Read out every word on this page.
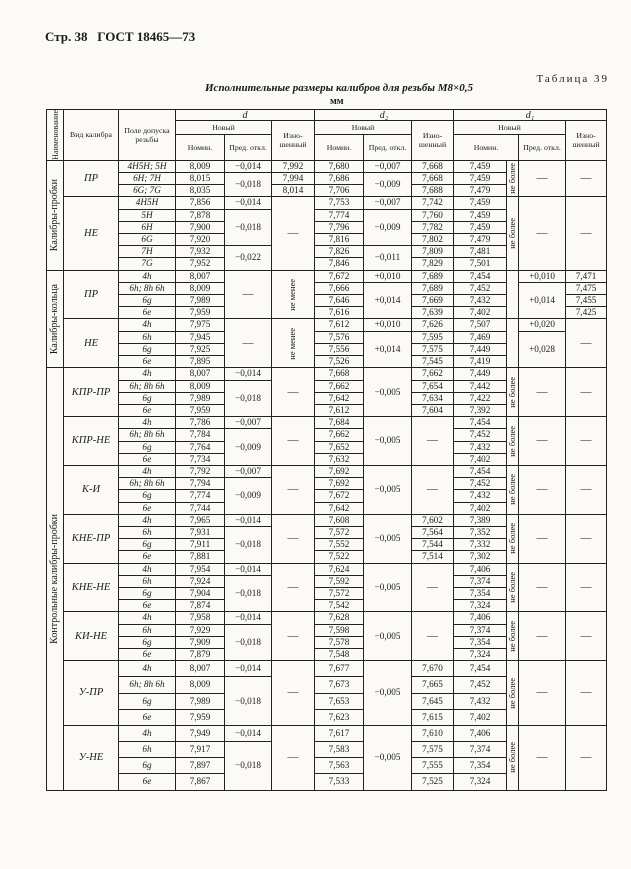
Стр. 38 ГОСТ 18465—73
Таблица 39
Исполнительные размеры калибров для резьбы М8×0,5
мм
Наименование	Вид калибра	Поле допуска резьбы	d			d₂			d₁			
			Новый		Изно-шенный	Новый		Изно-шенный	Новый			Изно-шенный
			Номин.	Пред. откл.		Номин.	Пред. откл.		Номин.		Пред. откл.	

Калибры-пробки	ПР	4H5H; 5H	8,009	−0,014	7,992	7,680	−0,007	7,668	7,459	не более	—	—
		6H; 7H	8,015	−0,018	7,994	7,686	−0,009	7,668	7,459			
		6G; 7G	8,035		8,014	7,706		7,688	7,479			
	НЕ	4H5H	7,856	−0,014	—	7,753	−0,007	7,742	7,459	не более	—	—
		5H	7,878	−0,018		7,774	−0,009	7,760	7,459			
		6H	7,900			7,796		7,782	7,459			
		6G	7,920			7,816		7,802	7,479			
		7H	7,932	−0,022		7,826	−0,011	7,809	7,481			
		7G	7,952			7,846		7,829	7,501			

Калибры-кольца	ПР	4h	8,007	—	не менее	7,672	+0,010	7,689	7,454		+0,010	7,471
		6h; 8h 6h	8,009			7,666	+0,014	7,689	7,452		+0,014	7,475
		6g	7,989			7,646		7,669	7,432			7,455
		6e	7,959			7,616		7,639	7,402			7,425
	НЕ	4h	7,975	—	не менее	7,612	+0,010	7,626	7,507		+0,020	—
		6h	7,945			7,576	+0,014	7,595	7,469		+0,028	
		6g	7,925			7,556		7,575	7,449			
		6e	7,895			7,526		7,545	7,419			

Контрольные калибры-пробки	КПР-ПР	4h	8,007	−0,014	—	7,668	−0,005	7,662	7,449	не более	—	—
		6h; 8h 6h	8,009	−0,018		7,662		7,654	7,442			
		6g	7,989			7,642		7,634	7,422			
		6e	7,959			7,612		7,604	7,392			
	КПР-НЕ	4h	7,786	−0,007	—	7,684	−0,005	—	7,454	не более	—	—
		6h; 8h 6h	7,784	−0,009		7,662			7,452			
		6g	7,764			7,652			7,432			
		6e	7,734			7,632			7,402			
	К-И	4h	7,792	−0,007	—	7,692	−0,005	—	7,454	не более	—	—
		6h; 8h 6h	7,794	−0,009		7,692			7,452			
		6g	7,774			7,672			7,432			
		6e	7,744			7,642			7,402			
	КНЕ-ПР	4h	7,965	−0,014	—	7,608	−0,005	7,602	7,389	не более	—	—
		6h	7,931	−0,018		7,572		7,564	7,352			
		6g	7,911			7,552		7,544	7,332			
		6e	7,881			7,522		7,514	7,302			
	КНЕ-НЕ	4h	7,954	−0,014	—	7,624	−0,005	—	7,406	не более	—	—
		6h	7,924	−0,018		7,592			7,374			
		6g	7,904			7,572			7,354			
		6e	7,874			7,542			7,324			
	КИ-НЕ	4h	7,958	−0,014	—	7,628	−0,005	—	7,406	не более	—	—
		6h	7,929	−0,018		7,598			7,374			
		6g	7,909			7,578			7,354			
		6e	7,879			7,548			7,324			
	У-ПР	4h	8,007	−0,014	—	7,677	−0,005	7,670	7,454	не более	—	—
		6h; 8h 6h	8,009	−0,018		7,673		7,665	7,452			
		6g	7,989			7,653		7,645	7,432			
		6e	7,959			7,623		7,615	7,402			
	У-НЕ	4h	7,949	−0,014	—	7,617	−0,005	7,610	7,406	не более	—	—
		6h	7,917	−0,018		7,583		7,575	7,374			
		6g	7,897			7,563		7,555	7,354			
		6e	7,867			7,533		7,525	7,324			
